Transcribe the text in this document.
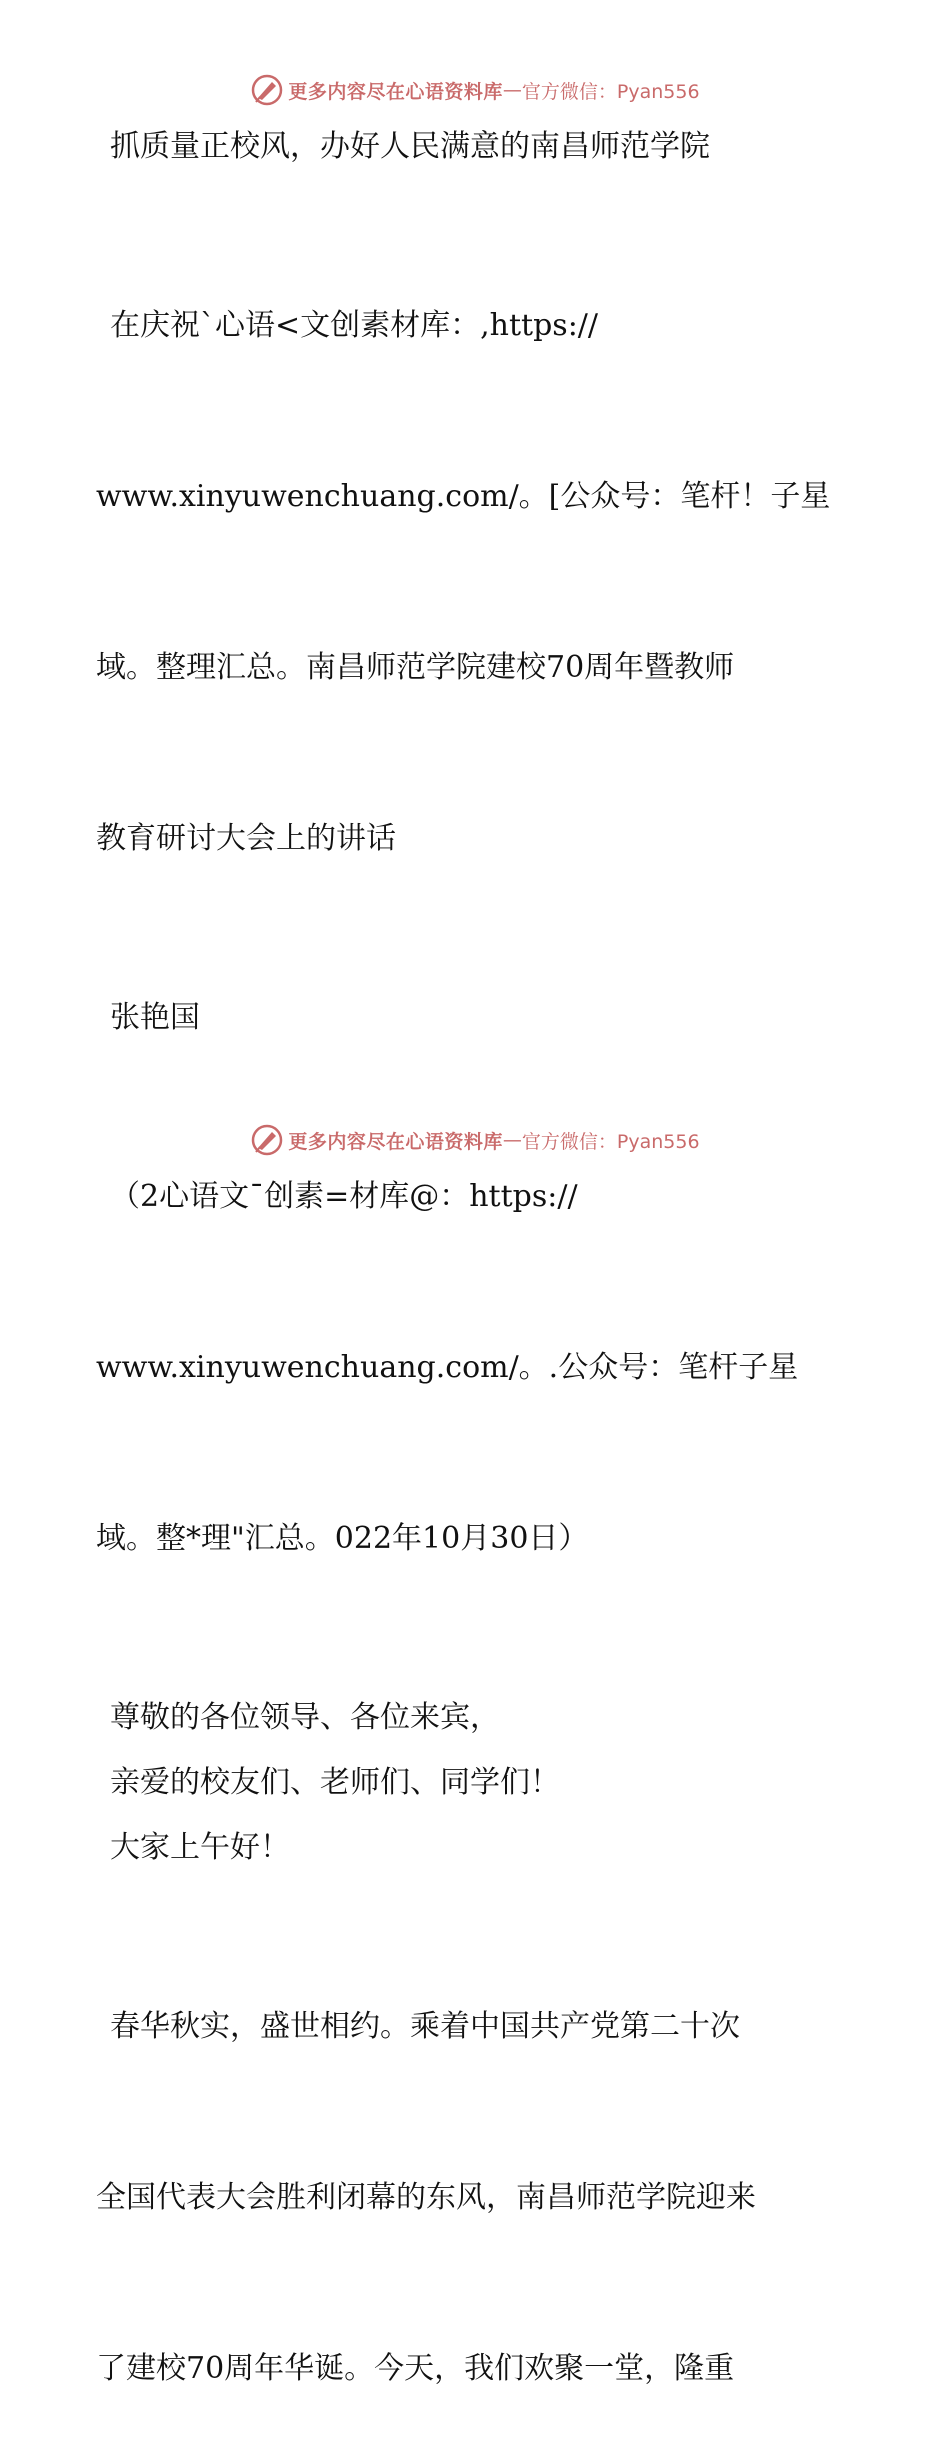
更多内容尽在心语资料库 — 官方微信：Pyan556

抓质量正校风，办好人民满意的南昌师范学院

在庆祝`心语<文创素材库：,https://

www.xinyuwenchuang.com/。[公众号：笔杆！子星

域。整理汇总。南昌师范学院建校70周年暨教师

教育研讨大会上的讲话

张艳国

（2心语文¯创素=材库@：https://

www.xinyuwenchuang.com/。.公众号：笔杆子星

域。整*理"汇总。022年10月30日）

尊敬的各位领导、各位来宾，

亲爱的校友们、老师们、同学们！

大家上午好！

春华秋实，盛世相约。乘着中国共产党第二十次

全国代表大会胜利闭幕的东风，南昌师范学院迎来

了建校70周年华诞。今天，我们欢聚一堂，隆重

更多内容尽在心语资料库 — 官方微信：Pyan556
